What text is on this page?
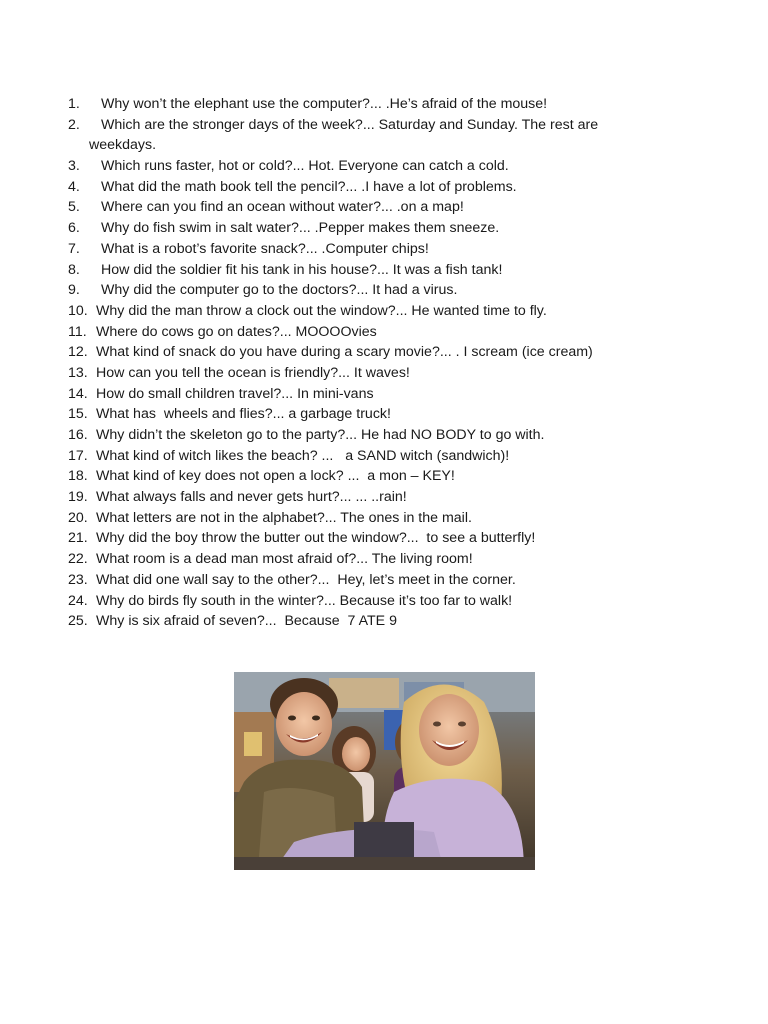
1. Why won’t the elephant use the computer?... .He’s afraid of the mouse!
2. Which are the stronger days of the week?... Saturday and Sunday. The rest are
weekdays.
3. Which runs faster, hot or cold?... Hot. Everyone can catch a cold.
4. What did the math book tell the pencil?... .I have a lot of problems.
5. Where can you find an ocean without water?... .on a map!
6. Why do fish swim in salt water?... .Pepper makes them sneeze.
7. What is a robot’s favorite snack?... .Computer chips!
8. How did the soldier fit his tank in his house?... It was a fish tank!
9. Why did the computer go to the doctors?... It had a virus.
10. Why did the man throw a clock out the window?... He wanted time to fly.
11. Where do cows go on dates?... MOOOOvies
12. What kind of snack do you have during a scary movie?... . I scream (ice cream)
13. How can you tell the ocean is friendly?... It waves!
14. How do small children travel?... In mini-vans
15. What has  wheels and flies?... a garbage truck!
16. Why didn’t the skeleton go to the party?... He had NO BODY to go with.
17. What kind of witch likes the beach? ...   a SAND witch (sandwich)!
18. What kind of key does not open a lock? ...  a mon – KEY!
19. What always falls and never gets hurt?... ... ..rain!
20. What letters are not in the alphabet?... The ones in the mail.
21. Why did the boy throw the butter out the window?...  to see a butterfly!
22. What room is a dead man most afraid of?... The living room!
23. What did one wall say to the other?...  Hey, let’s meet in the corner.
24. Why do birds fly south in the winter?... Because it’s too far to walk!
25. Why is six afraid of seven?...  Because  7 ATE 9
